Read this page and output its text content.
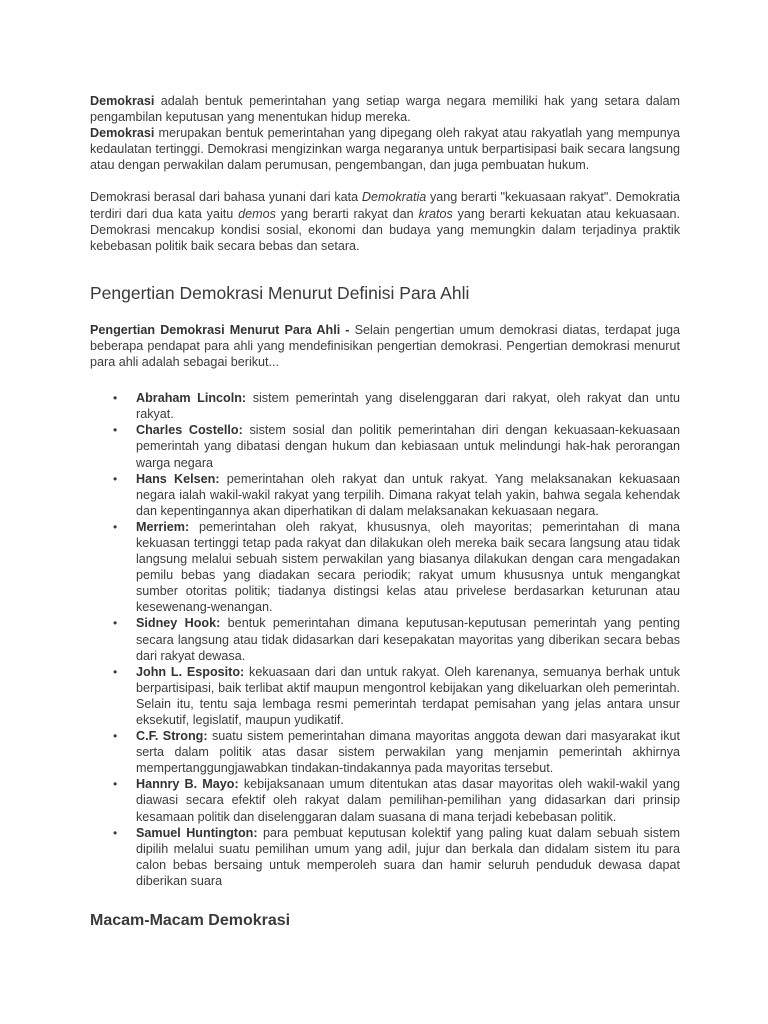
Demokrasi adalah bentuk pemerintahan yang setiap warga negara memiliki hak yang setara dalam pengambilan keputusan yang menentukan hidup mereka.

Demokrasi merupakan bentuk pemerintahan yang dipegang oleh rakyat atau rakyatlah yang mempunya kedaulatan tertinggi. Demokrasi mengizinkan warga negaranya untuk berpartisipasi baik secara langsung atau dengan perwakilan dalam perumusan, pengembangan, dan juga pembuatan hukum.

Demokrasi berasal dari bahasa yunani dari kata Demokratia yang berarti "kekuasaan rakyat". Demokratia terdiri dari dua kata yaitu demos yang berarti rakyat dan kratos yang berarti kekuatan atau kekuasaan. Demokrasi mencakup kondisi sosial, ekonomi dan budaya yang memungkin dalam terjadinya praktik kebebasan politik baik secara bebas dan setara.

Pengertian Demokrasi Menurut Definisi Para Ahli

Pengertian Demokrasi Menurut Para Ahli - Selain pengertian umum demokrasi diatas, terdapat juga beberapa pendapat para ahli yang mendefinisikan pengertian demokrasi. Pengertian demokrasi menurut para ahli adalah sebagai berikut...

• Abraham Lincoln: sistem pemerintah yang diselenggaran dari rakyat, oleh rakyat dan untu rakyat.
• Charles Costello: sistem sosial dan politik pemerintahan diri dengan kekuasaan-kekuasaan pemerintah yang dibatasi dengan hukum dan kebiasaan untuk melindungi hak-hak perorangan warga negara
• Hans Kelsen: pemerintahan oleh rakyat dan untuk rakyat. Yang melaksanakan kekuasaan negara ialah wakil-wakil rakyat yang terpilih. Dimana rakyat telah yakin, bahwa segala kehendak dan kepentingannya akan diperhatikan di dalam melaksanakan kekuasaan negara.
• Merriem: pemerintahan oleh rakyat, khususnya, oleh mayoritas; pemerintahan di mana kekuasan tertinggi tetap pada rakyat dan dilakukan oleh mereka baik secara langsung atau tidak langsung melalui sebuah sistem perwakilan yang biasanya dilakukan dengan cara mengadakan pemilu bebas yang diadakan secara periodik; rakyat umum khususnya untuk mengangkat sumber otoritas politik; tiadanya distingsi kelas atau privelese berdasarkan keturunan atau kesewenang-wenangan.
• Sidney Hook: bentuk pemerintahan dimana keputusan-keputusan pemerintah yang penting secara langsung atau tidak didasarkan dari kesepakatan mayoritas yang diberikan secara bebas dari rakyat dewasa.
• John L. Esposito: kekuasaan dari dan untuk rakyat. Oleh karenanya, semuanya berhak untuk berpartisipasi, baik terlibat aktif maupun mengontrol kebijakan yang dikeluarkan oleh pemerintah. Selain itu, tentu saja lembaga resmi pemerintah terdapat pemisahan yang jelas antara unsur eksekutif, legislatif, maupun yudikatif.
• C.F. Strong: suatu sistem pemerintahan dimana mayoritas anggota dewan dari masyarakat ikut serta dalam politik atas dasar sistem perwakilan yang menjamin pemerintah akhirnya mempertanggungjawabkan tindakan-tindakannya pada mayoritas tersebut.
• Hannry B. Mayo: kebijaksanaan umum ditentukan atas dasar mayoritas oleh wakil-wakil yang diawasi secara efektif oleh rakyat dalam pemilihan-pemilihan yang didasarkan dari prinsip kesamaan politik dan diselenggaran dalam suasana di mana terjadi kebebasan politik.
• Samuel Huntington: para pembuat keputusan kolektif yang paling kuat dalam sebuah sistem dipilih melalui suatu pemilihan umum yang adil, jujur dan berkala dan didalam sistem itu para calon bebas bersaing untuk memperoleh suara dan hamir seluruh penduduk dewasa dapat diberikan suara
Macam-Macam Demokrasi
